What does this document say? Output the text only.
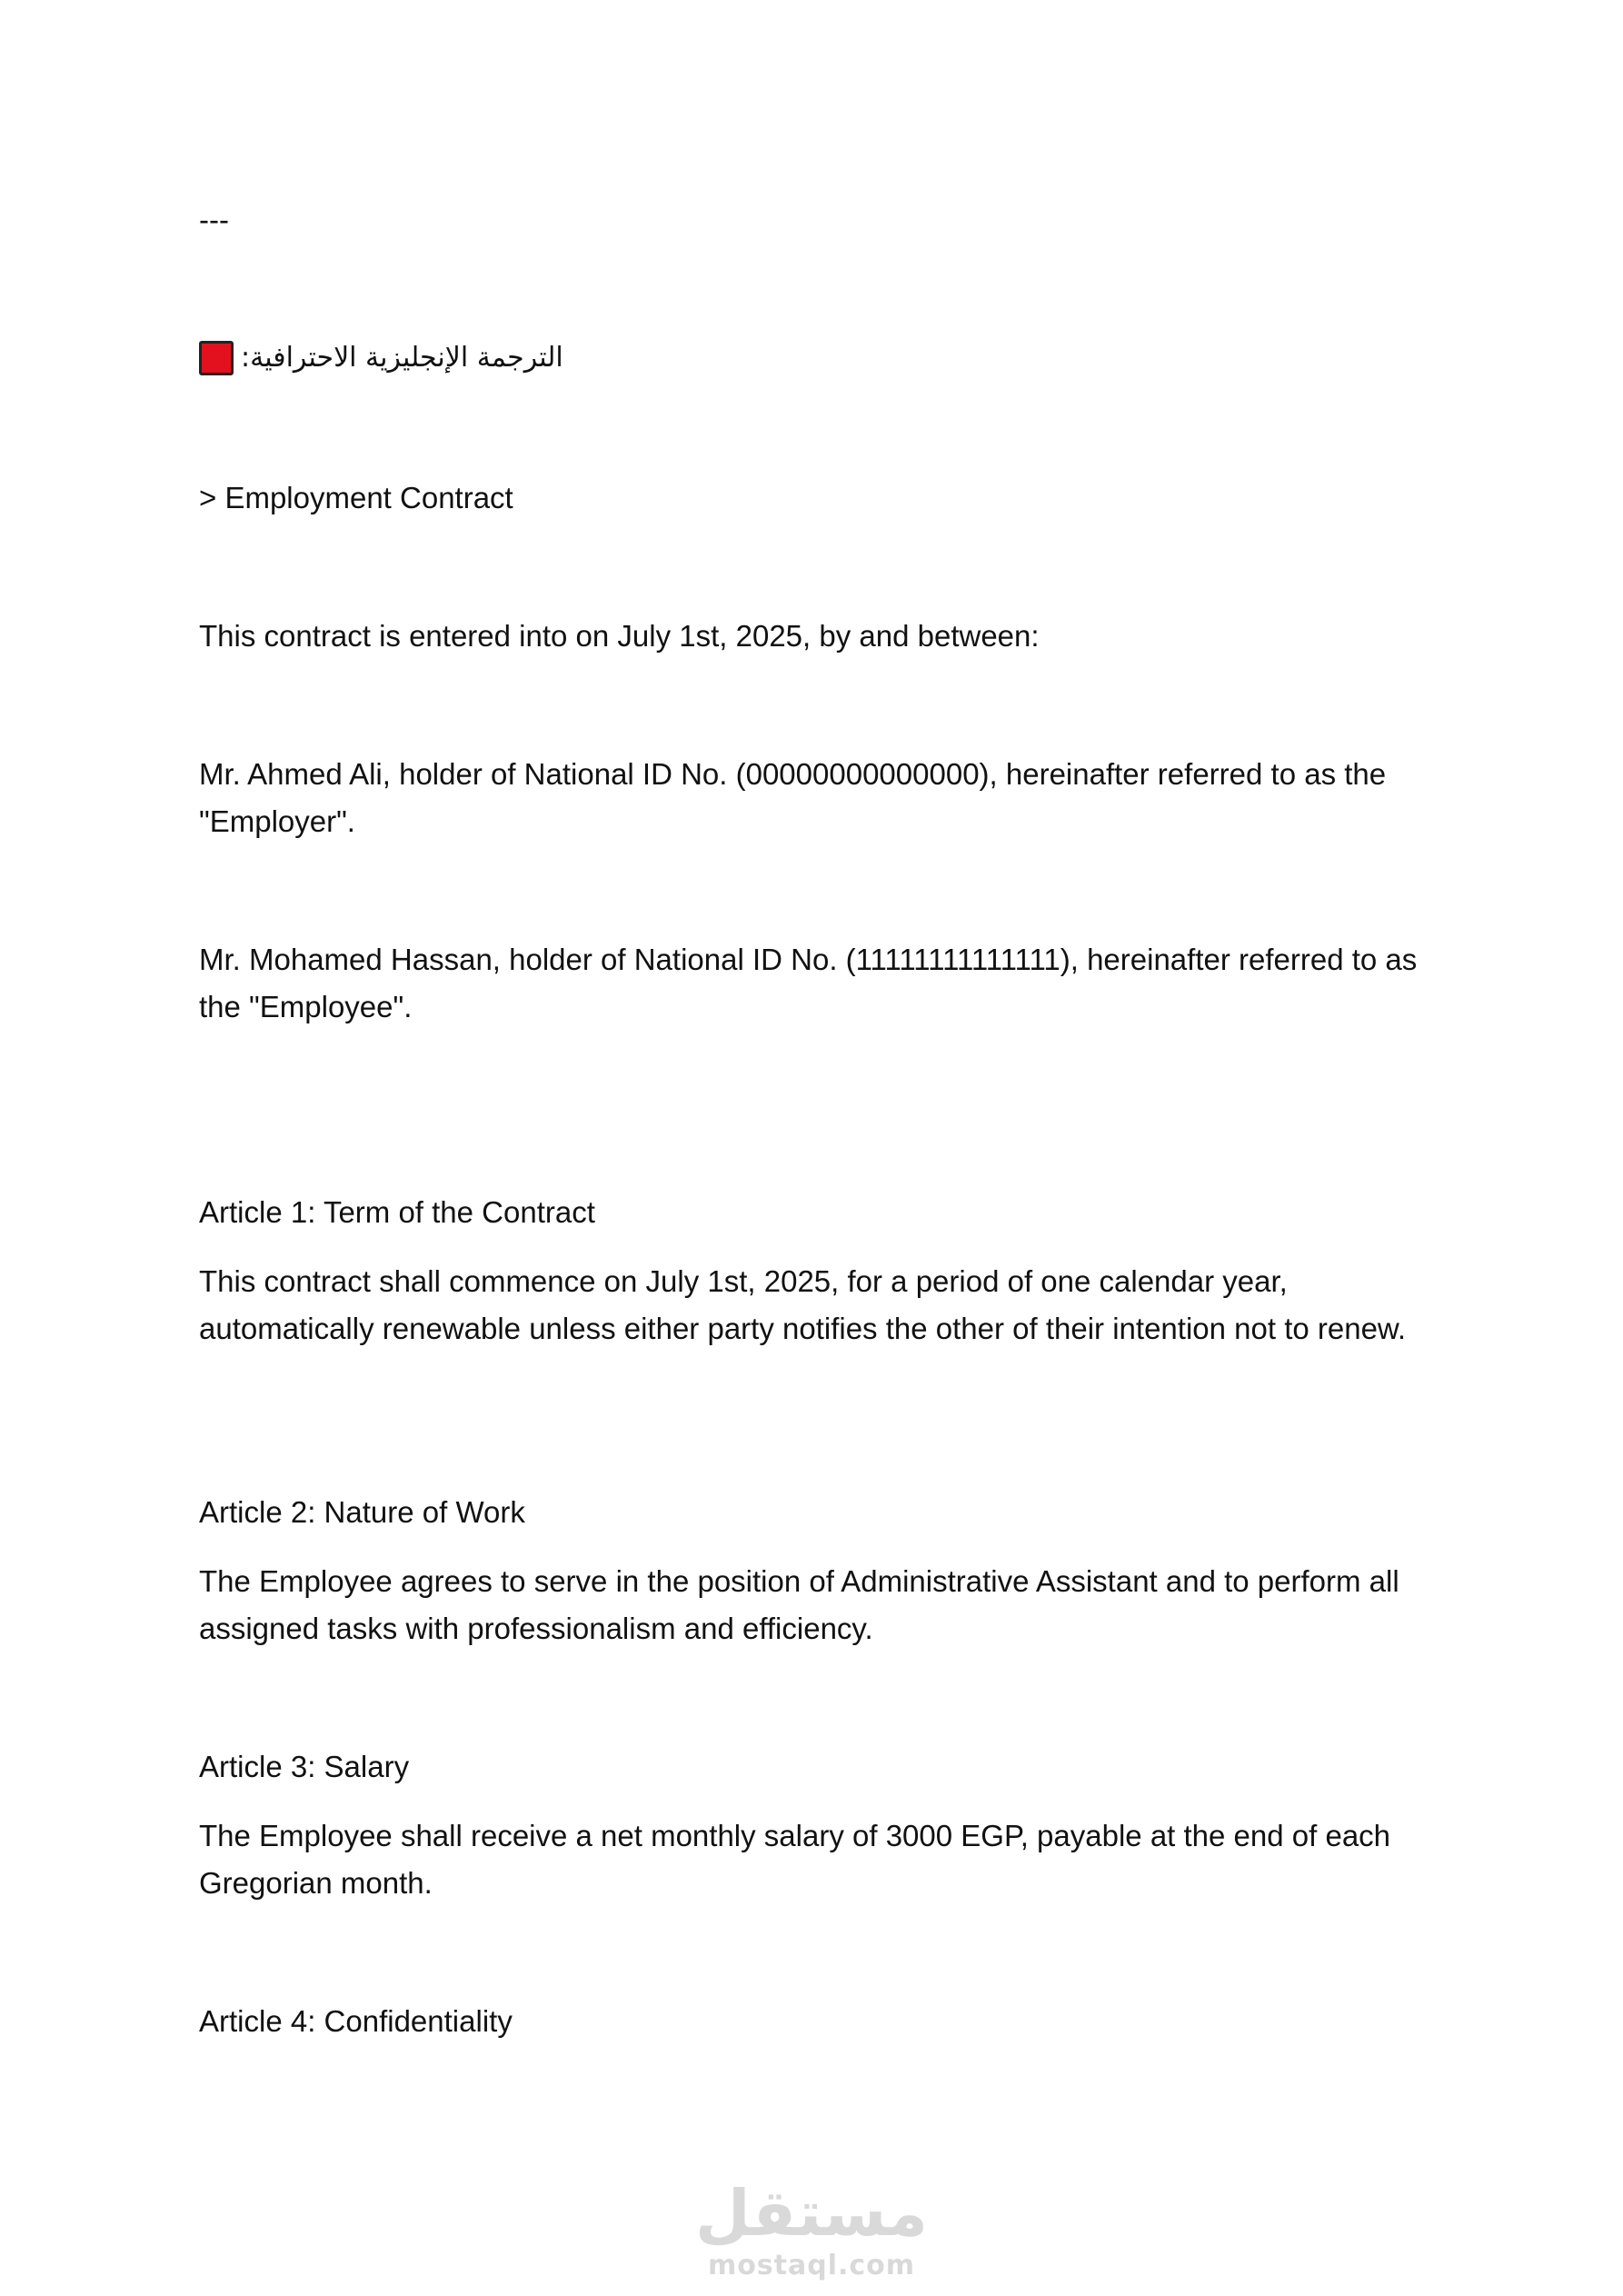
---
الترجمة الإنجليزية الاحترافية:
> Employment Contract
This contract is entered into on July 1st, 2025, by and between:
Mr. Ahmed Ali, holder of National ID No. (00000000000000), hereinafter referred to as the "Employer".
Mr. Mohamed Hassan, holder of National ID No. (11111111111111), hereinafter referred to as the "Employee".
Article 1: Term of the Contract
This contract shall commence on July 1st, 2025, for a period of one calendar year, automatically renewable unless either party notifies the other of their intention not to renew.
Article 2: Nature of Work
The Employee agrees to serve in the position of Administrative Assistant and to perform all assigned tasks with professionalism and efficiency.
Article 3: Salary
The Employee shall receive a net monthly salary of 3000 EGP, payable at the end of each Gregorian month.
Article 4: Confidentiality
مستقل
mostaql.com
